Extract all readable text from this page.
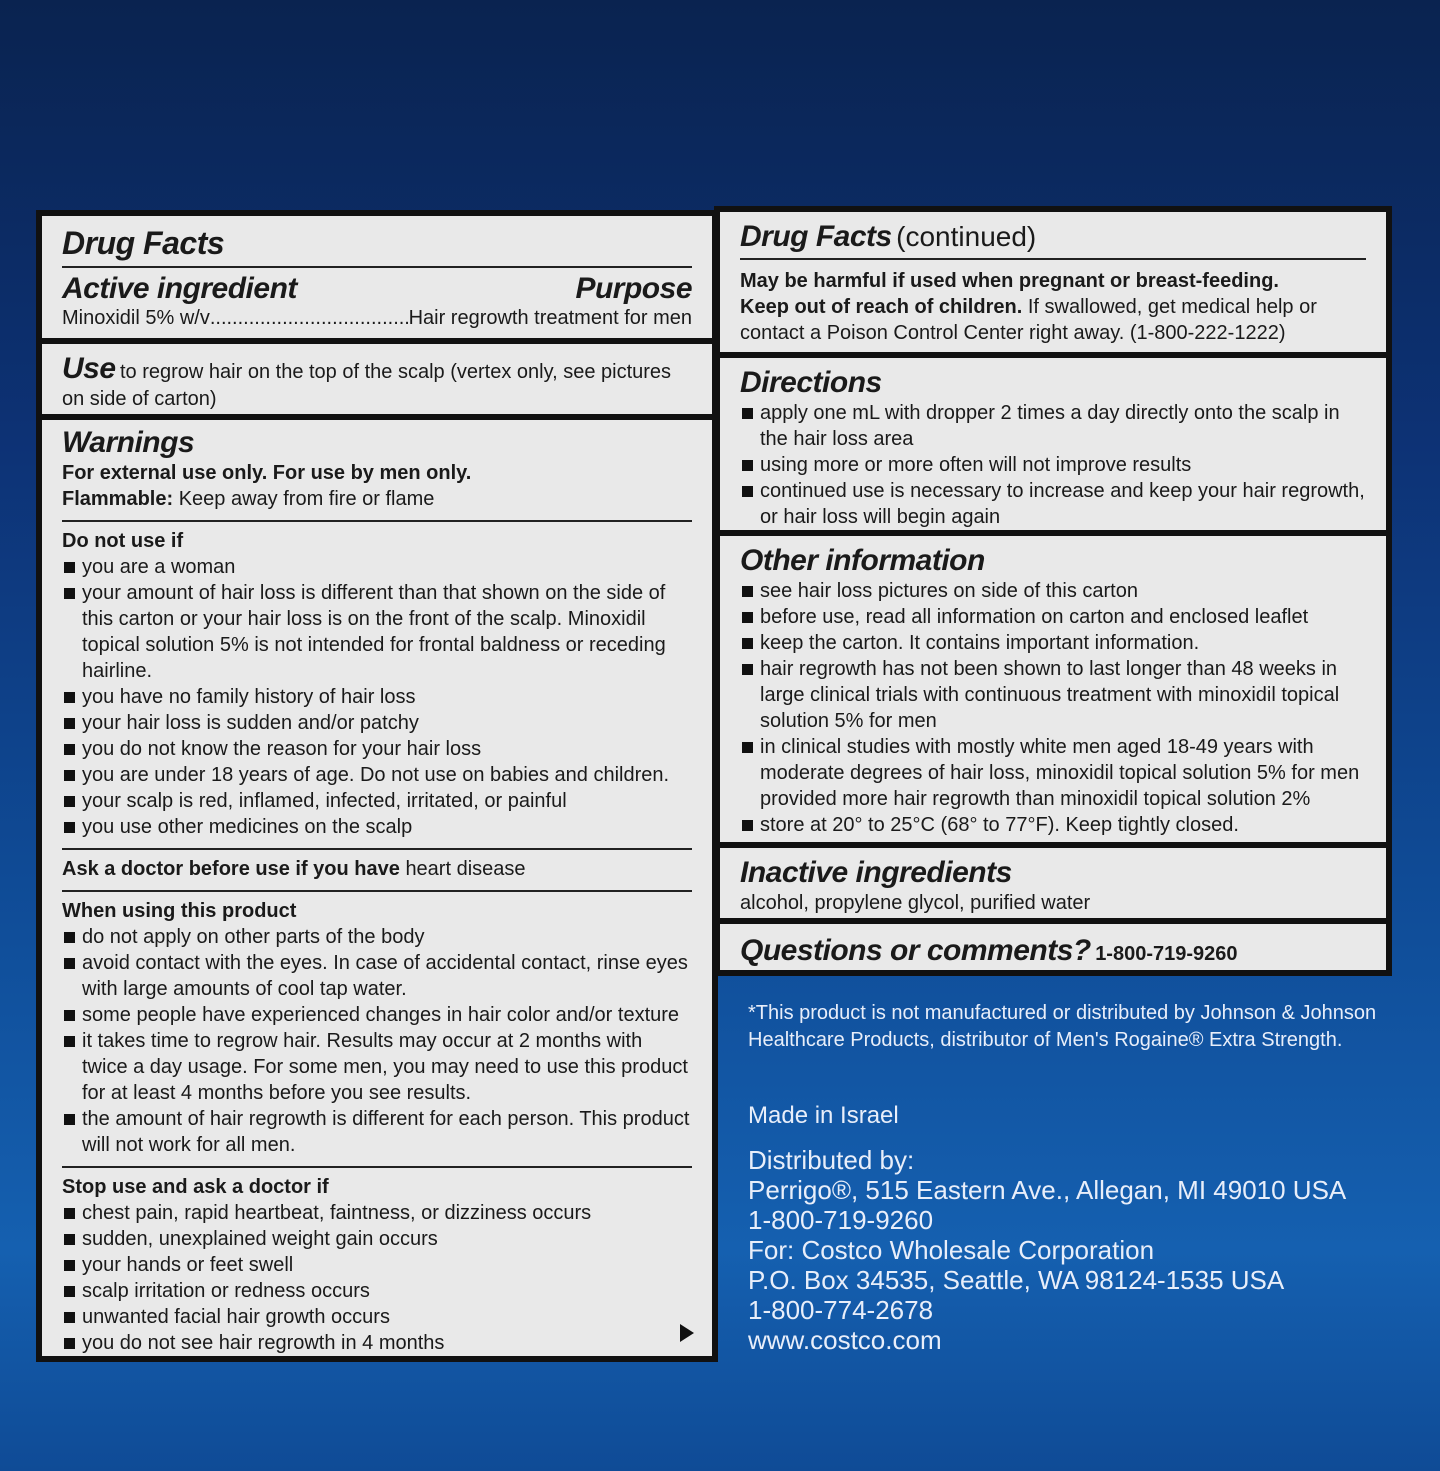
Drug Facts
Active ingredient	Purpose
Minoxidil 5% w/v
.....	Hair regrowth treatment for men
Use to regrow hair on the top of the scalp (vertex only, see pictures on side of carton)
Warnings
For external use only. For use by men only.
Flammable: Keep away from fire or flame
Do not use if
you are a woman
your amount of hair loss is different than that shown on the side of this carton or your hair loss is on the front of the scalp. Minoxidil topical solution 5% is not intended for frontal baldness or receding hairline.
you have no family history of hair loss
your hair loss is sudden and/or patchy
you do not know the reason for your hair loss
you are under 18 years of age. Do not use on babies and children.
your scalp is red, inflamed, infected, irritated, or painful
you use other medicines on the scalp
Ask a doctor before use if you have heart disease
When using this product
do not apply on other parts of the body
avoid contact with the eyes. In case of accidental contact, rinse eyes with large amounts of cool tap water.
some people have experienced changes in hair color and/or texture
it takes time to regrow hair. Results may occur at 2 months with twice a day usage. For some men, you may need to use this product for at least 4 months before you see results.
the amount of hair regrowth is different for each person. This product will not work for all men.
Stop use and ask a doctor if
chest pain, rapid heartbeat, faintness, or dizziness occurs
sudden, unexplained weight gain occurs
your hands or feet swell
scalp irritation or redness occurs
unwanted facial hair growth occurs
you do not see hair regrowth in 4 months
Drug Facts (continued)
May be harmful if used when pregnant or breast-feeding.
Keep out of reach of children. If swallowed, get medical help or contact a Poison Control Center right away. (1-800-222-1222)
Directions
apply one mL with dropper 2 times a day directly onto the scalp in the hair loss area
using more or more often will not improve results
continued use is necessary to increase and keep your hair regrowth, or hair loss will begin again
Other information
see hair loss pictures on side of this carton
before use, read all information on carton and enclosed leaflet
keep the carton. It contains important information.
hair regrowth has not been shown to last longer than 48 weeks in large clinical trials with continuous treatment with minoxidil topical solution 5% for men
in clinical studies with mostly white men aged 18-49 years with moderate degrees of hair loss, minoxidil topical solution 5% for men provided more hair regrowth than minoxidil topical solution 2%
store at 20° to 25°C (68° to 77°F). Keep tightly closed.
Inactive ingredients
alcohol, propylene glycol, purified water
Questions or comments? 1-800-719-9260
*This product is not manufactured or distributed by Johnson & Johnson Healthcare Products, distributor of Men's Rogaine® Extra Strength.
Made in Israel
Distributed by:
Perrigo®, 515 Eastern Ave., Allegan, MI 49010 USA
1-800-719-9260
For: Costco Wholesale Corporation
P.O. Box 34535, Seattle, WA 98124-1535 USA
1-800-774-2678
www.costco.com
